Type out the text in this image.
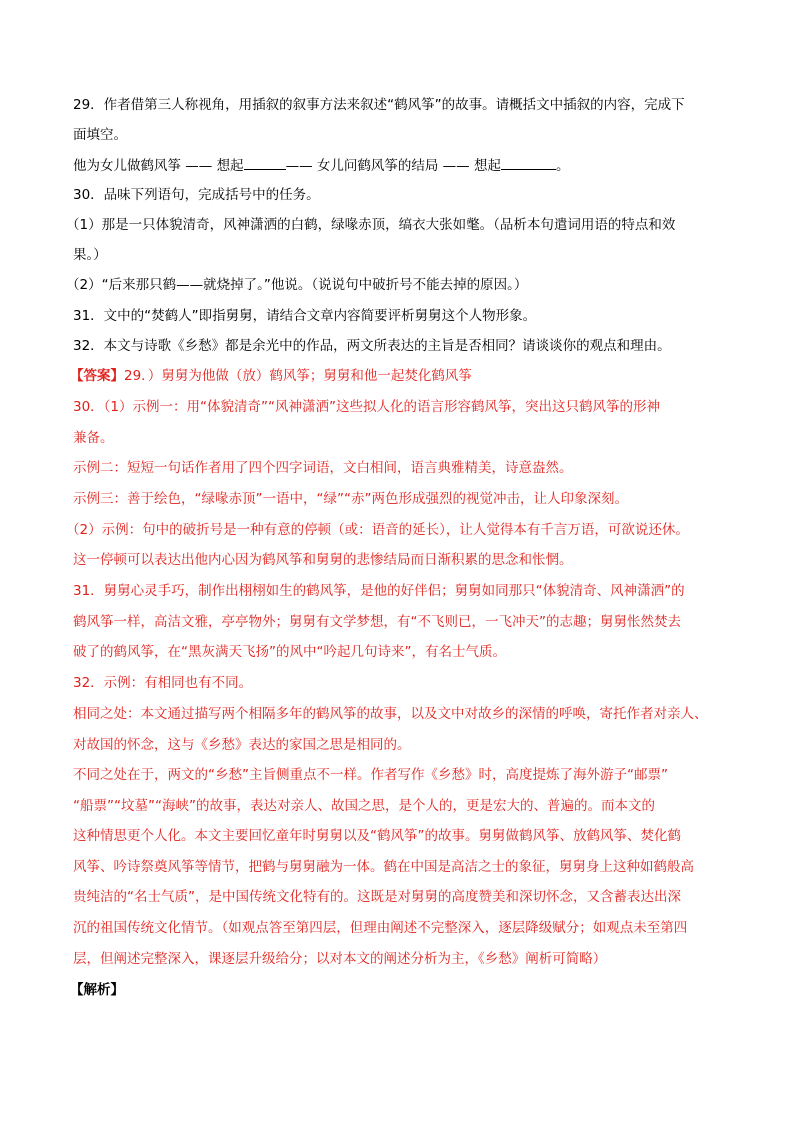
29．作者借第三人称视角，用插叙的叙事方法来叙述“鹤风筝”的故事。请概括文中插叙的内容，完成下
面填空。
他为女儿做鹤风筝 —— 想起	—— 女儿问鹤风筝的结局 —— 想起	。
30．品味下列语句，完成括号中的任务。
（1）那是一只体貌清奇，风神潇洒的白鹤，绿喙赤顶，缟衣大张如氅。（品析本句遣词用语的特点和效
果。）
（2）“后来那只鹤——就烧掉了。”他说。（说说句中破折号不能去掉的原因。）
31．文中的“焚鹤人”即指舅舅，请结合文章内容简要评析舅舅这个人物形象。
32．本文与诗歌《乡愁》都是余光中的作品，两文所表达的主旨是否相同？请谈谈你的观点和理由。
【答案】29．）舅舅为他做（放）鹤风筝；舅舅和他一起焚化鹤风筝
30．（1）示例一：用“体貌清奇”“风神潇洒”这些拟人化的语言形容鹤风筝，突出这只鹤风筝的形神
兼备。
示例二：短短一句话作者用了四个四字词语，文白相间，语言典雅精美，诗意盎然。
示例三：善于绘色，“绿喙赤顶”一语中，“绿”“赤”两色形成强烈的视觉冲击，让人印象深刻。
（2）示例：句中的破折号是一种有意的停顿（或：语音的延长），让人觉得本有千言万语，可欲说还休。
这一停顿可以表达出他内心因为鹤风筝和舅舅的悲惨结局而日渐积累的思念和怅惘。
31．舅舅心灵手巧，制作出栩栩如生的鹤风筝，是他的好伴侣；舅舅如同那只“体貌清奇、风神潇洒”的
鹤风筝一样，高洁文雅，亭亭物外；舅舅有文学梦想，有“不飞则已，一飞冲天”的志趣；舅舅怅然焚去
破了的鹤风筝，在“黑灰满天飞扬”的风中“吟起几句诗来”，有名士气质。
32．示例：有相同也有不同。
相同之处：本文通过描写两个相隔多年的鹤风筝的故事，以及文中对故乡的深情的呼唤，寄托作者对亲人、
对故国的怀念，这与《乡愁》表达的家国之思是相同的。
不同之处在于，两文的“乡愁”主旨侧重点不一样。作者写作《乡愁》时，高度提炼了海外游子“邮票”
“船票”“坟墓”“海峡”的故事，表达对亲人、故国之思，是个人的，更是宏大的、普遍的。而本文的
这种情思更个人化。本文主要回忆童年时舅舅以及“鹤风筝”的故事。舅舅做鹤风筝、放鹤风筝、焚化鹤
风筝、吟诗祭奠风筝等情节，把鹤与舅舅融为一体。鹤在中国是高洁之士的象征，舅舅身上这种如鹤般高
贵纯洁的“名士气质”，是中国传统文化特有的。这既是对舅舅的高度赞美和深切怀念，又含蓄表达出深
沉的祖国传统文化情节。（如观点答至第四层，但理由阐述不完整深入，逐层降级赋分；如观点未至第四
层，但阐述完整深入，课逐层升级给分；以对本文的阐述分析为主，《乡愁》阐析可简略）
【解析】
